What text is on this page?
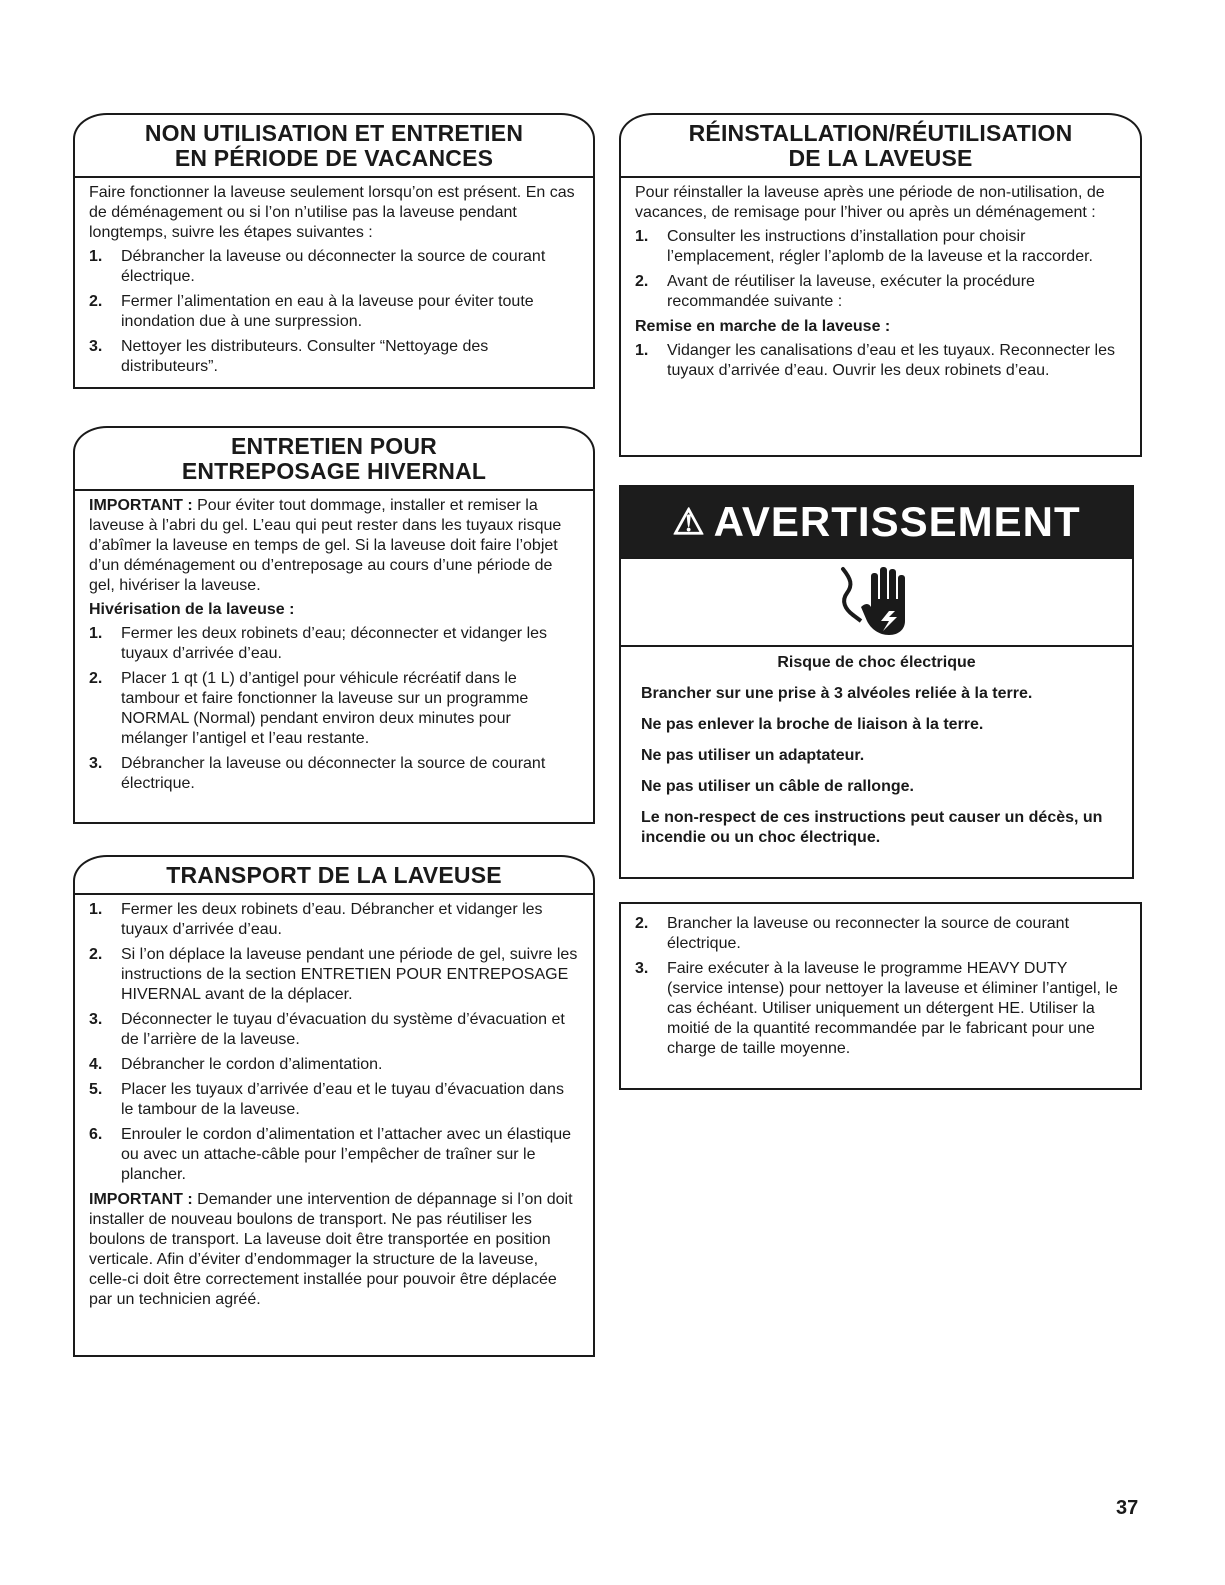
NON UTILISATION ET ENTRETIEN
EN PÉRIODE DE VACANCES

Faire fonctionner la laveuse seulement lorsqu’on est présent. En cas de déménagement ou si l’on n’utilise pas la laveuse pendant longtemps, suivre les étapes suivantes :

1. Débrancher la laveuse ou déconnecter la source de courant électrique.
2. Fermer l’alimentation en eau à la laveuse pour éviter toute inondation due à une surpression.
3. Nettoyer les distributeurs. Consulter “Nettoyage des distributeurs”.
ENTRETIEN POUR
ENTREPOSAGE HIVERNAL

IMPORTANT : Pour éviter tout dommage, installer et remiser la laveuse à l’abri du gel. L’eau qui peut rester dans les tuyaux risque d’abîmer la laveuse en temps de gel. Si la laveuse doit faire l’objet d’un déménagement ou d’entreposage au cours d’une période de gel, hivériser la laveuse.

Hivérisation de la laveuse :
1. Fermer les deux robinets d’eau; déconnecter et vidanger les tuyaux d’arrivée d’eau.
2. Placer 1 qt (1 L) d’antigel pour véhicule récréatif dans le tambour et faire fonctionner la laveuse sur un programme NORMAL (Normal) pendant environ deux minutes pour mélanger l’antigel et l’eau restante.
3. Débrancher la laveuse ou déconnecter la source de courant électrique.
TRANSPORT DE LA LAVEUSE
1. Fermer les deux robinets d’eau. Débrancher et vidanger les tuyaux d’arrivée d’eau.
2. Si l’on déplace la laveuse pendant une période de gel, suivre les instructions de la section ENTRETIEN POUR ENTREPOSAGE HIVERNAL avant de la déplacer.
3. Déconnecter le tuyau d’évacuation du système d’évacuation et de l’arrière de la laveuse.
4. Débrancher le cordon d’alimentation.
5. Placer les tuyaux d’arrivée d’eau et le tuyau d’évacuation dans le tambour de la laveuse.
6. Enrouler le cordon d’alimentation et l’attacher avec un élastique ou avec un attache-câble pour l’empêcher de traîner sur le plancher.

IMPORTANT : Demander une intervention de dépannage si l’on doit installer de nouveau boulons de transport. Ne pas réutiliser les boulons de transport. La laveuse doit être transportée en position verticale. Afin d’éviter d’endommager la structure de la laveuse, celle-ci doit être correctement installée pour pouvoir être déplacée par un technicien agréé.

RÉINSTALLATION/RÉUTILISATION
DE LA LAVEUSE

Pour réinstaller la laveuse après une période de non-utilisation, de vacances, de remisage pour l’hiver ou après un déménagement :

1. Consulter les instructions d’installation pour choisir l’emplacement, régler l’aplomb de la laveuse et la raccorder.
2. Avant de réutiliser la laveuse, exécuter la procédure recommandée suivante :
Remise en marche de la laveuse :
1. Vidanger les canalisations d’eau et les tuyaux. Reconnecter les tuyaux d’arrivée d’eau. Ouvrir les deux robinets d’eau.
⚠ AVERTISSEMENT

Risque de choc électrique

Brancher sur une prise à 3 alvéoles reliée à la terre.

Ne pas enlever la broche de liaison à la terre.

Ne pas utiliser un adaptateur.

Ne pas utiliser un câble de rallonge.

Le non-respect de ces instructions peut causer un décès, un incendie ou un choc électrique.

2. Brancher la laveuse ou reconnecter la source de courant électrique.
3. Faire exécuter à la laveuse le programme HEAVY DUTY (service intense) pour nettoyer la laveuse et éliminer l’antigel, le cas échéant. Utiliser uniquement un détergent HE. Utiliser la moitié de la quantité recommandée par le fabricant pour une charge de taille moyenne.
37
